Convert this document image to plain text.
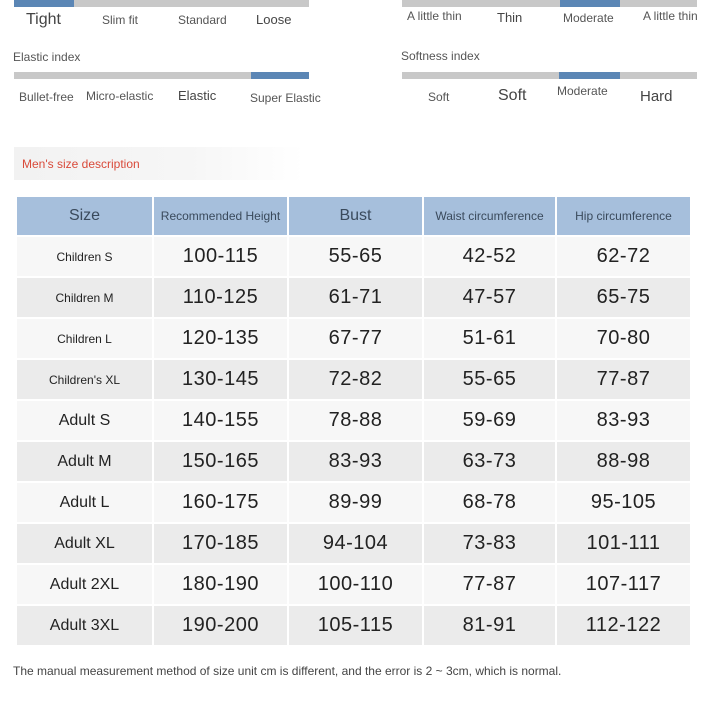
Tight	Slim fit	Standard Loose	A little thin	Thin	Moderate A little thin
Elastic index
Bullet-free Micro-elastic Elastic	Super Elastic
Softness index
Soft	Soft	Moderate Hard
Men's size description
Size	Recommended Height	Bust	Waist circumference	Hip circumference
Children S	100-115	55-65	42-52	62-72
Children M	110-125	61-71	47-57	65-75
Children L	120-135	67-77	51-61	70-80
Children's XL	130-145	72-82	55-65	77-87
Adult S	140-155	78-88	59-69	83-93
Adult M	150-165	83-93	63-73	88-98
Adult L	160-175	89-99	68-78	95-105
Adult XL	170-185	94-104	73-83	101-111
Adult 2XL	180-190	100-110	77-87	107-117
Adult 3XL	190-200	105-115	81-91	112-122
The manual measurement method of size unit cm is different, and the error is 2 ~ 3cm, which is normal.
